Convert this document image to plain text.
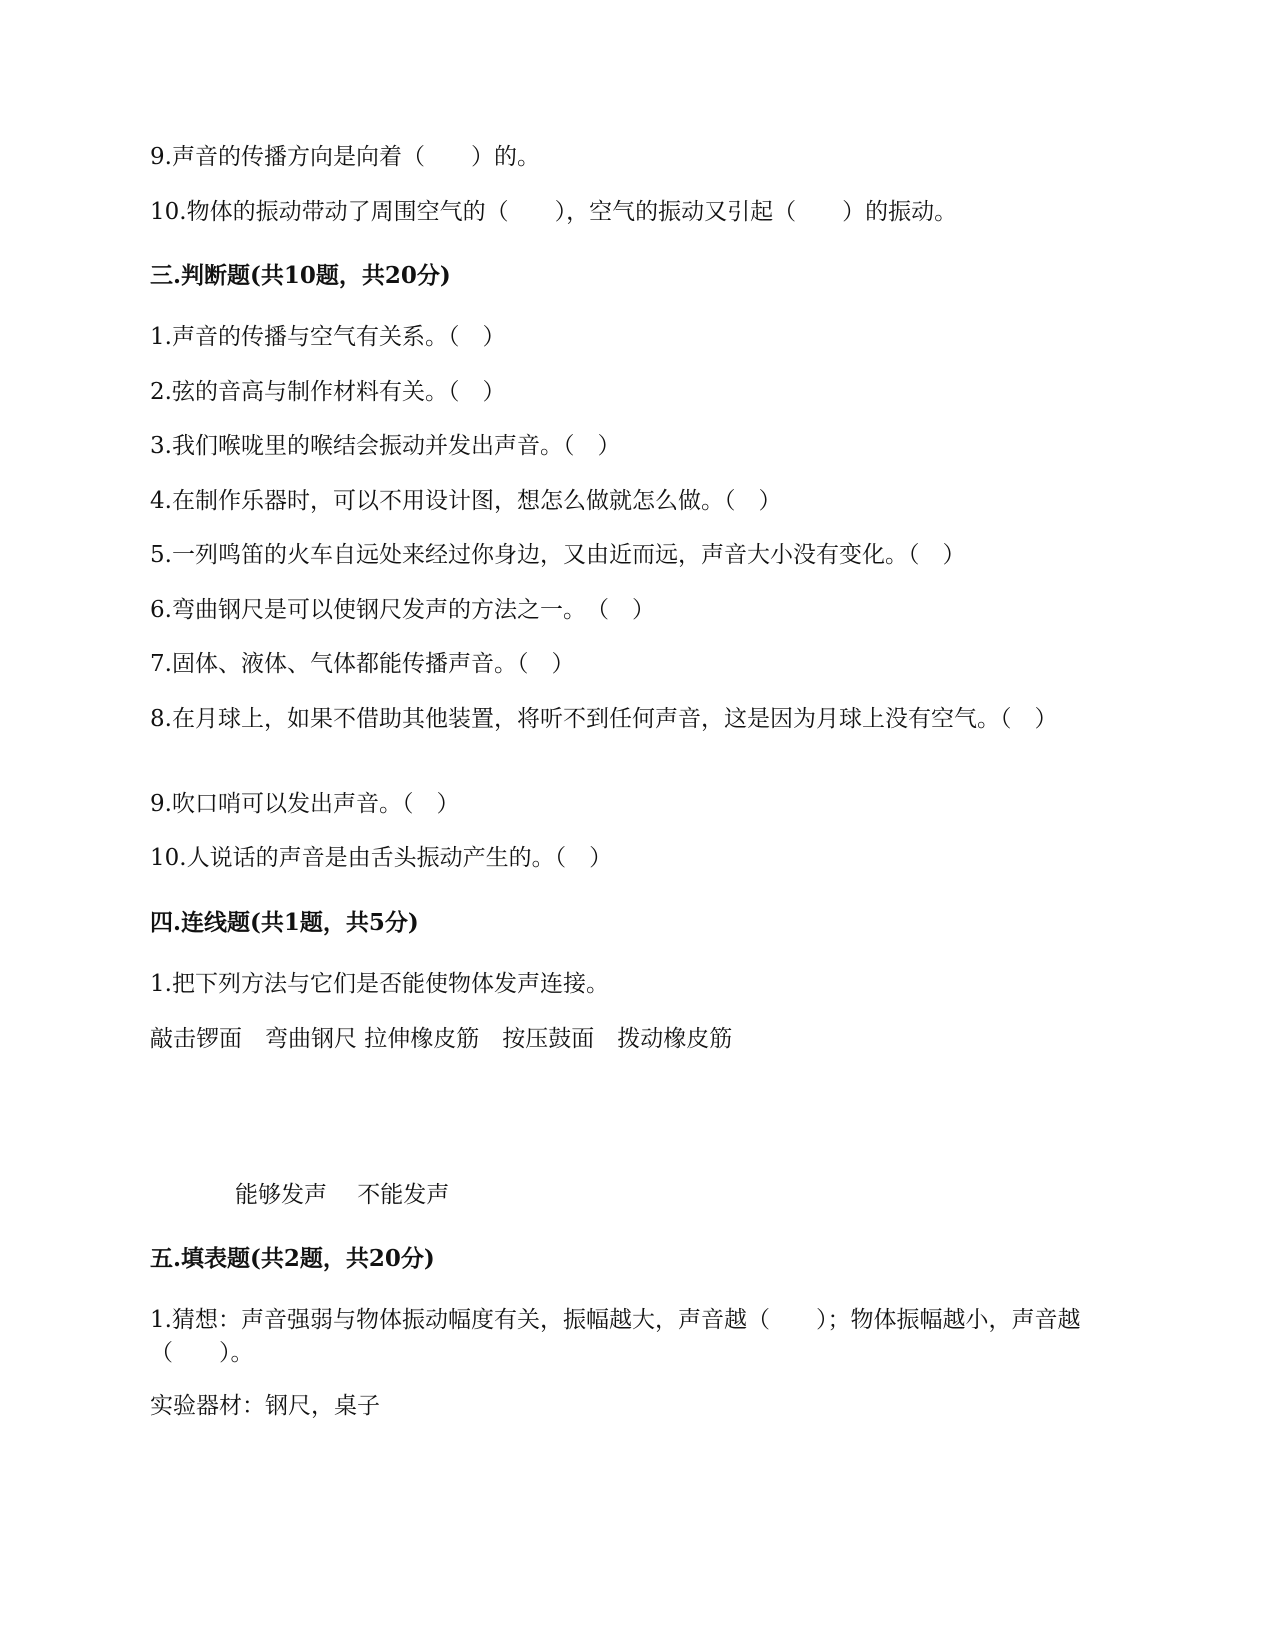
9.声音的传播方向是向着（　　）的。
10.物体的振动带动了周围空气的（　　），空气的振动又引起（　　）的振动。
三.判断题(共10题，共20分)
1.声音的传播与空气有关系。（　）
2.弦的音高与制作材料有关。（　）
3.我们喉咙里的喉结会振动并发出声音。（　）
4.在制作乐器时，可以不用设计图，想怎么做就怎么做。（　）
5.一列鸣笛的火车自远处来经过你身边，又由近而远，声音大小没有变化。（　）
6.弯曲钢尺是可以使钢尺发声的方法之一。　（　）
7.固体、液体、气体都能传播声音。（　）
8.在月球上，如果不借助其他装置，将听不到任何声音，这是因为月球上没有空气。（　）
9.吹口哨可以发出声音。（　）
10.人说话的声音是由舌头振动产生的。（　）
四.连线题(共1题，共5分)
1.把下列方法与它们是否能使物体发声连接。
敲击锣面　弯曲钢尺 拉伸橡皮筋　按压鼓面　拨动橡皮筋
能够发声　 不能发声
五.填表题(共2题，共20分)
1.猜想：声音强弱与物体振动幅度有关，振幅越大，声音越（　　）；物体振幅越小，声音越（　　）。
实验器材：钢尺，桌子
